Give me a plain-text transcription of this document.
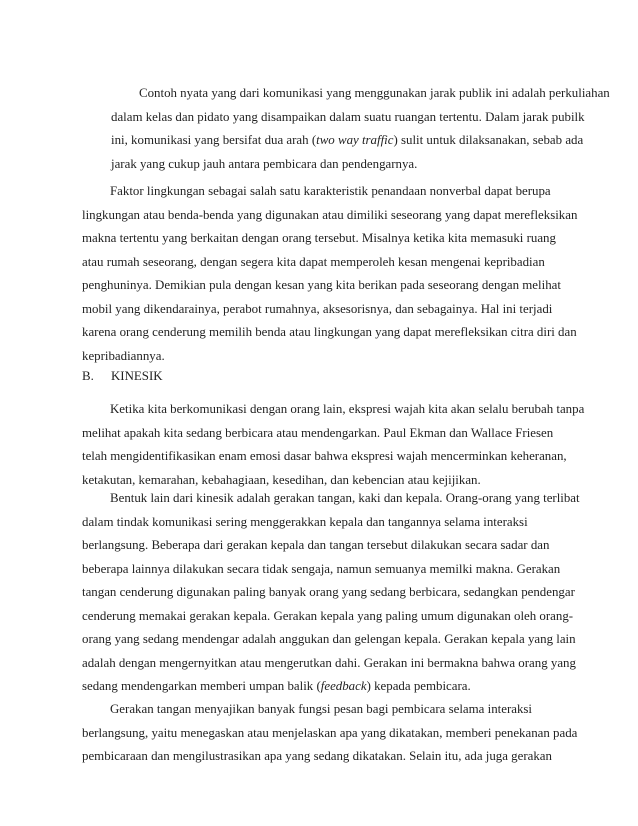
Contoh nyata yang dari komunikasi yang menggunakan jarak publik ini adalah perkuliahan
dalam kelas dan pidato yang disampaikan dalam suatu ruangan tertentu. Dalam jarak pubilk
ini, komunikasi yang bersifat dua arah (two way traffic) sulit untuk dilaksanakan, sebab ada
jarak yang cukup jauh antara pembicara dan pendengarnya.
Faktor lingkungan sebagai salah satu karakteristik penandaan nonverbal dapat berupa
lingkungan atau benda-benda yang digunakan atau dimiliki seseorang yang dapat merefleksikan
makna tertentu yang berkaitan dengan orang tersebut. Misalnya ketika kita memasuki ruang
atau rumah seseorang, dengan segera kita dapat memperoleh kesan mengenai kepribadian
penghuninya. Demikian pula dengan kesan yang kita berikan pada seseorang dengan melihat
mobil yang dikendarainya, perabot rumahnya, aksesorisnya, dan sebagainya. Hal ini terjadi
karena orang cenderung memilih benda atau lingkungan yang dapat merefleksikan citra diri dan
kepribadiannya.
B. KINESIK
Ketika kita berkomunikasi dengan orang lain, ekspresi wajah kita akan selalu berubah tanpa
melihat apakah kita sedang berbicara atau mendengarkan. Paul Ekman dan Wallace Friesen
telah mengidentifikasikan enam emosi dasar bahwa ekspresi wajah mencerminkan keheranan,
ketakutan, kemarahan, kebahagiaan, kesedihan, dan kebencian atau kejijikan.
Bentuk lain dari kinesik adalah gerakan tangan, kaki dan kepala. Orang-orang yang terlibat
dalam tindak komunikasi sering menggerakkan kepala dan tangannya selama interaksi
berlangsung. Beberapa dari gerakan kepala dan tangan tersebut dilakukan secara sadar dan
beberapa lainnya dilakukan secara tidak sengaja, namun semuanya memilki makna. Gerakan
tangan cenderung digunakan paling banyak orang yang sedang berbicara, sedangkan pendengar
cenderung memakai gerakan kepala. Gerakan kepala yang paling umum digunakan oleh orang-
orang yang sedang mendengar adalah anggukan dan gelengan kepala. Gerakan kepala yang lain
adalah dengan mengernyitkan atau mengerutkan dahi. Gerakan ini bermakna bahwa orang yang
sedang mendengarkan memberi umpan balik (feedback) kepada pembicara.
Gerakan tangan menyajikan banyak fungsi pesan bagi pembicara selama interaksi
berlangsung, yaitu menegaskan atau menjelaskan apa yang dikatakan, memberi penekanan pada
pembicaraan dan mengilustrasikan apa yang sedang dikatakan. Selain itu, ada juga gerakan
